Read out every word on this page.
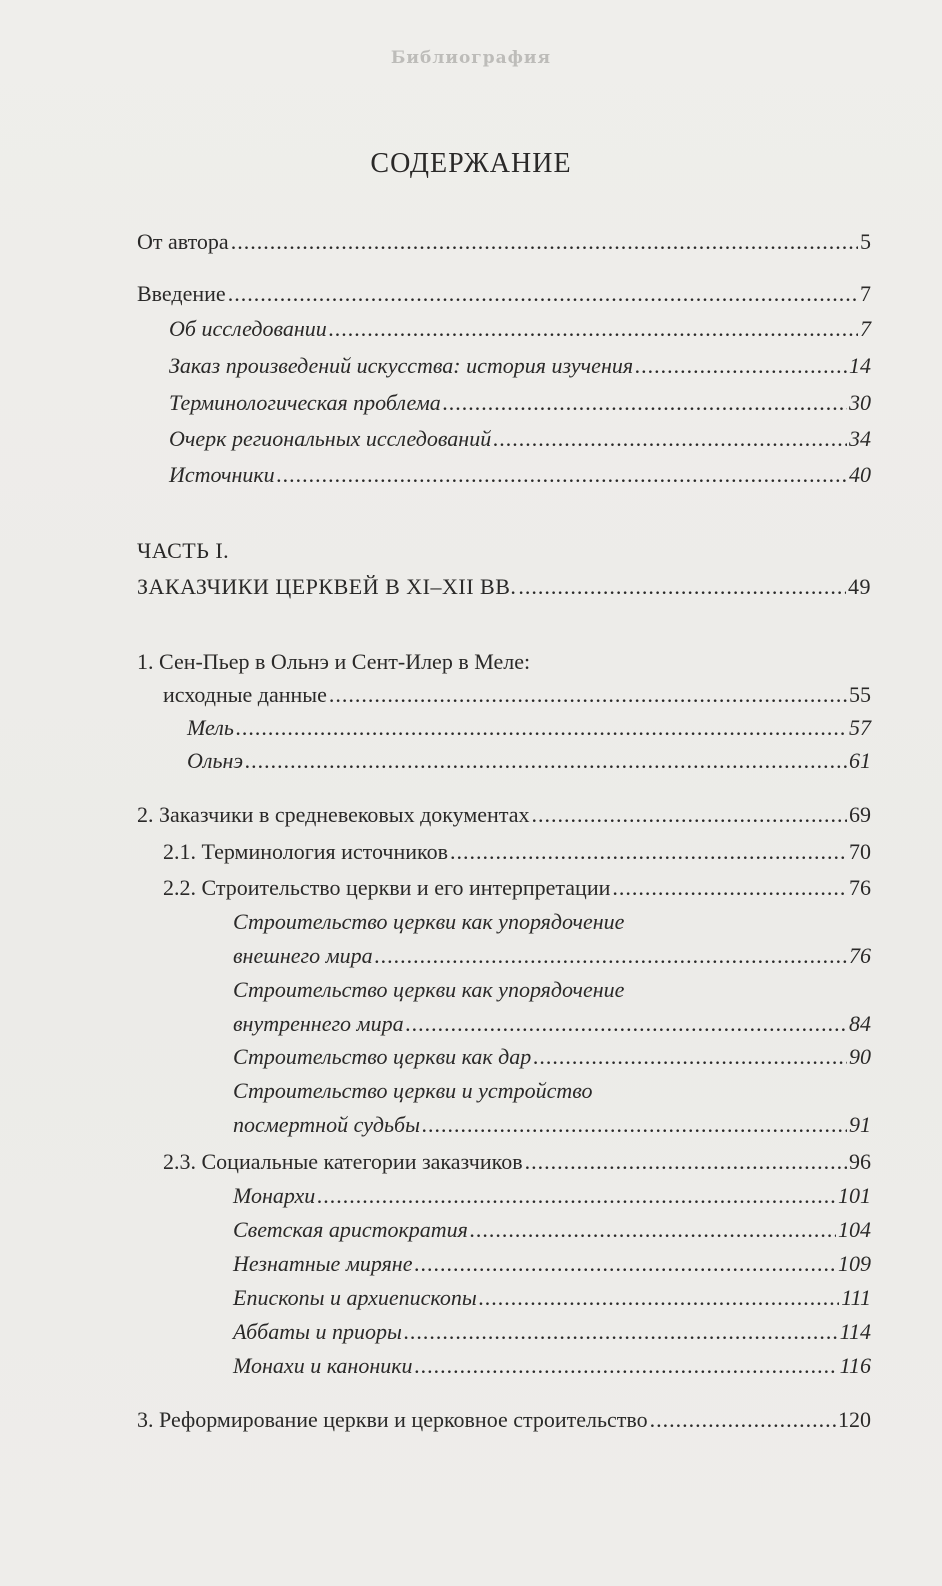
Библиография
СОДЕРЖАНИЕ
От автора .....	5
Введение .....	7
Об исследовании .....	7
Заказ произведений искусства: история изучения .....	14
Терминологическая проблема .....	30
Очерк региональных исследований .....	34
Источники .....	40
ЧАСТЬ I.
ЗАКАЗЧИКИ ЦЕРКВЕЙ В XI–XII ВВ. .....	49
1. Сен-Пьер в Ольнэ и Сент-Илер в Меле:
исходные данные .....	55
Мель .....	57
Ольнэ .....	61
2. Заказчики в средневековых документах .....	69
2.1. Терминология источников .....	70
2.2. Строительство церкви и его интерпретации .....	76
Строительство церкви как упорядочение
внешнего мира .....	76
Строительство церкви как упорядочение
внутреннего мира .....	84
Строительство церкви как дар .....	90
Строительство церкви и устройство
посмертной судьбы .....	91
2.3. Социальные категории заказчиков .....	96
Монархи .....	101
Светская аристократия .....	104
Незнатные миряне .....	109
Епископы и архиепископы .....	111
Аббаты и приоры .....	114
Монахи и каноники .....	116
3. Реформирование церкви и церковное строительство .....	120
